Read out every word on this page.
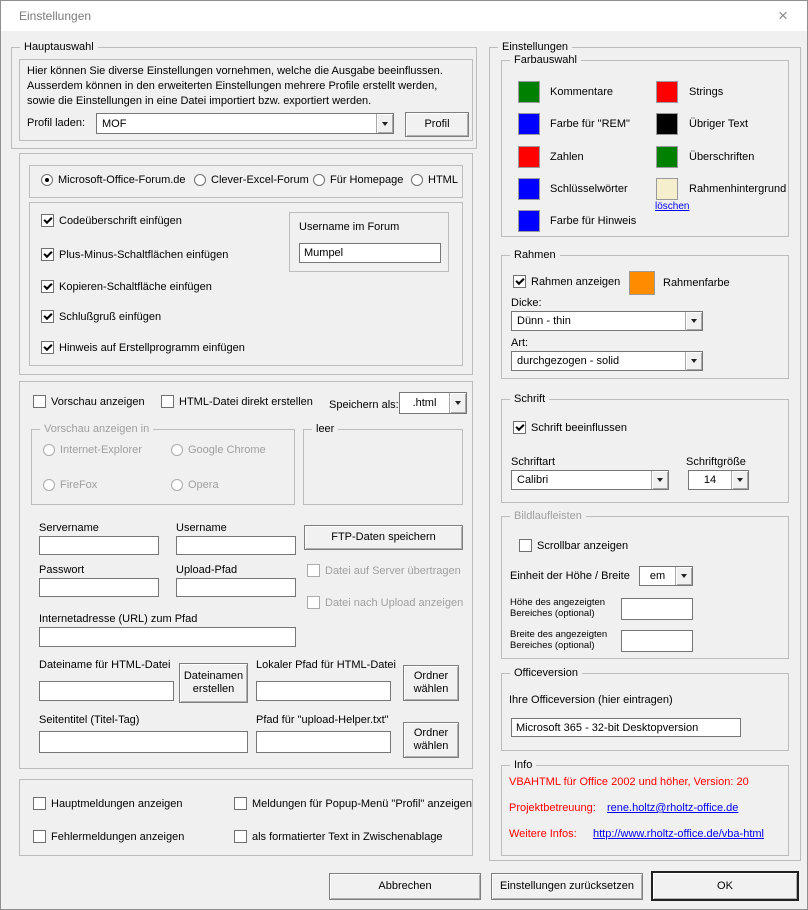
Einstellungen	×
Hauptauswahl
Hier können Sie diverse Einstellungen vornehmen, welche die Ausgabe beeinflussen. Ausserdem können in den erweiterten Einstellungen mehrere Profile erstellt werden, sowie die Einstellungen in eine Datei importiert bzw. exportiert werden.
Profil laden:	MOF	Profil
Microsoft-Office-Forum.de Clever-Excel-Forum Für Homepage HTML
Codeüberschrift einfügen
Plus-Minus-Schaltflächen einfügen
Kopieren-Schaltfläche einfügen
Schlußgruß einfügen
Hinweis auf Erstellprogramm einfügen
Username im Forum
Mumpel
Vorschau anzeigen	HTML-Datei direkt erstellen Speichern als:	.html
Vorschau anzeigen in
Internet-Explorer	Google Chrome
FireFox	Opera
leer
Servername	Username
FTP-Daten speichern
Passwort	Upload-Pfad	Datei auf Server übertragen
Datei nach Upload anzeigen
Internetadresse (URL) zum Pfad
Dateiname für HTML-Datei
Dateinamen erstellen
Lokaler Pfad für HTML-Datei
Ordner wählen
Seitentitel (Titel-Tag)	Pfad für "upload-Helper.txt"
Ordner wählen
Hauptmeldungen anzeigen	Meldungen für Popup-Menü "Profil" anzeigen
Fehlermeldungen anzeigen	als formatierter Text in Zwischenablage
Einstellungen
Farbauswahl
Kommentare
Farbe für "REM"
Zahlen
Schlüsselwörter
Farbe für Hinweis
Strings
Übriger Text
Überschriften
Rahmenhintergrund
löschen
Rahmen
Rahmen anzeigen	Rahmenfarbe
Dicke:
Dünn - thin
Art:
durchgezogen - solid
Schrift
Schrift beeinflussen
Schriftart
Calibri
Schriftgröße
14
Bildlaufleisten
Scrollbar anzeigen
Einheit der Höhe / Breite	em
Höhe des angezeigten Bereiches (optional)
Breite des angezeigten Bereiches (optional)
Officeversion
Ihre Officeversion (hier eintragen)
Microsoft 365 - 32-bit Desktopversion
Info
VBAHTML für Office 2002 und höher, Version: 20
Projektbetreuung: rene.holtz@rholtz-office.de
Weitere Infos: http://www.rholtz-office.de/vba-html
Abbrechen	Einstellungen zurücksetzen	OK
